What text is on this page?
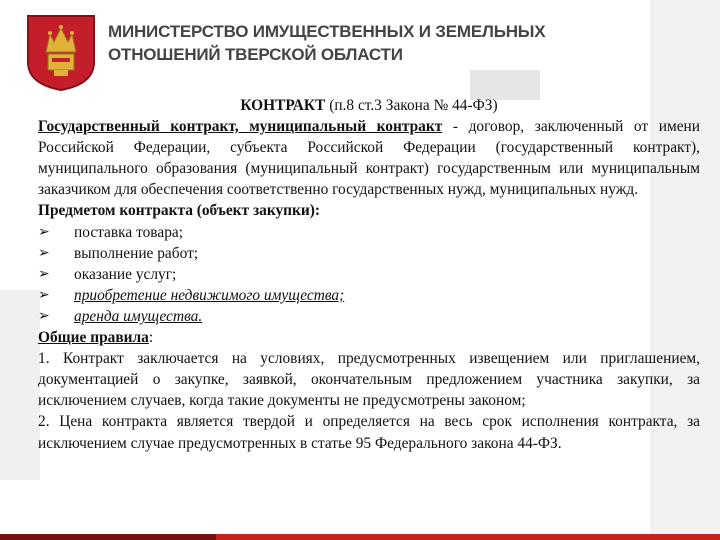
МИНИСТЕРСТВО ИМУЩЕСТВЕННЫХ И ЗЕМЕЛЬНЫХ
ОТНОШЕНИЙ ТВЕРСКОЙ ОБЛАСТИ
КОНТРАКТ (п.8 ст.3 Закона № 44-ФЗ)
Государственный контракт, муниципальный контракт - договор, заключенный от имени Российской Федерации, субъекта Российской Федерации (государственный контракт), муниципального образования (муниципальный контракт) государственным или муниципальным заказчиком для обеспечения соответственно государственных нужд, муниципальных нужд.
Предметом контракта (объект закупки):
➢	поставка товара;
➢	выполнение работ;
➢	оказание услуг;
➢	приобретение недвижимого имущества;
➢	аренда имущества.
Общие правила:
1. Контракт заключается на условиях, предусмотренных извещением или приглашением, документацией о закупке, заявкой, окончательным предложением участника закупки, за исключением случаев, когда такие документы не предусмотрены законом;
2. Цена контракта является твердой и определяется на весь срок исполнения контракта, за исключением случае предусмотренных в статье 95 Федерального закона 44-ФЗ.
